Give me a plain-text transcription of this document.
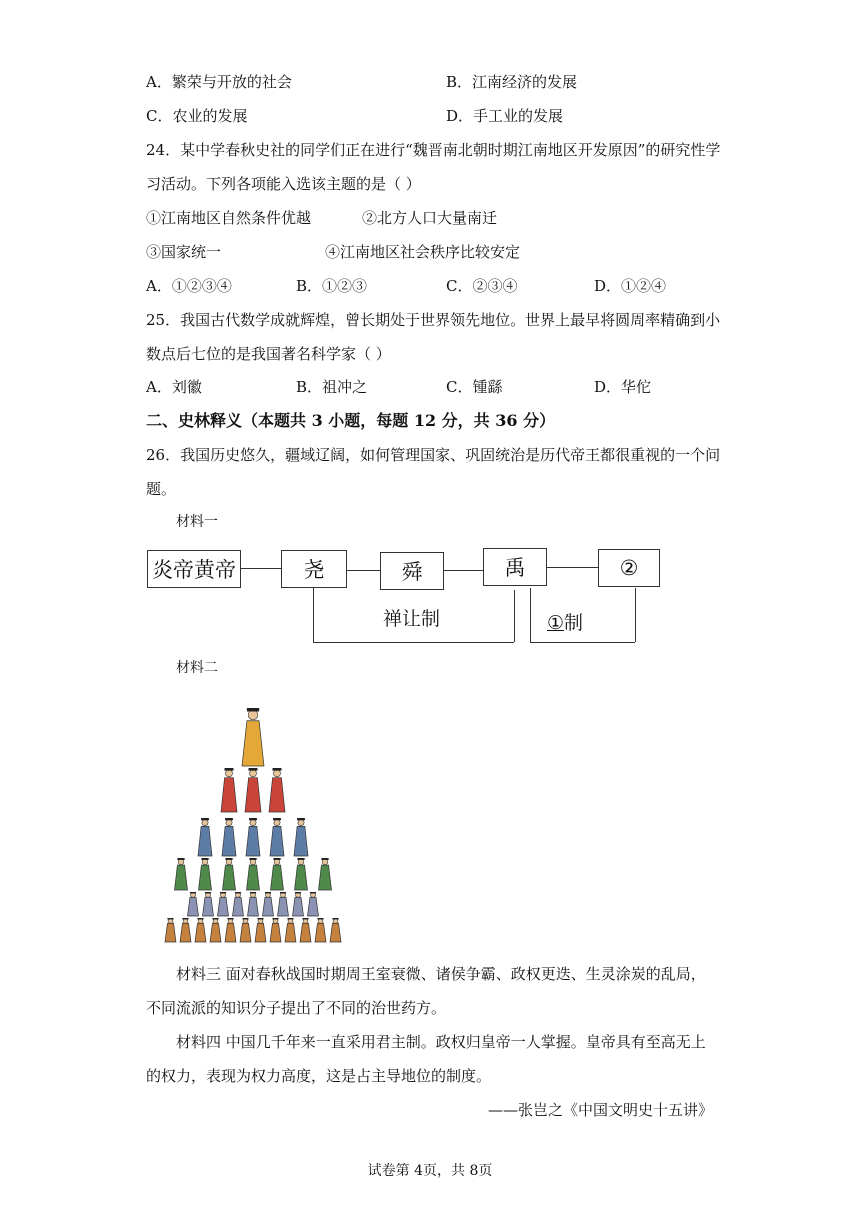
A．繁荣与开放的社会	B．江南经济的发展
C．农业的发展	D．手工业的发展
24．某中学春秋史社的同学们正在进行“魏晋南北朝时期江南地区开发原因”的研究性学
习活动。下列各项能入选该主题的是（ ）
①江南地区自然条件优越	②北方人口大量南迁
③国家统一	④江南地区社会秩序比较安定
A．①②③④	B．①②③	C．②③④	D．①②④
25．我国古代数学成就辉煌，曾长期处于世界领先地位。世界上最早将圆周率精确到小
数点后七位的是我国著名科学家（ ）
A．刘徽	B．祖冲之	C．锺繇	D．华佗
二、史林释义（本题共 3 小题，每题 12 分，共 36 分）
26．我国历史悠久，疆域辽阔，如何管理国家、巩固统治是历代帝王都很重视的一个问
题。
材料一
炎帝黄帝	尧	舜	禹	②
禅让制	①制
材料二
材料三 面对春秋战国时期周王室衰微、诸侯争霸、政权更迭、生灵涂炭的乱局，
不同流派的知识分子提出了不同的治世药方。
材料四 中国几千年来一直采用君主制。政权归皇帝一人掌握。皇帝具有至高无上
的权力，表现为权力高度，这是占主导地位的制度。
——张岂之《中国文明史十五讲》
试卷第 4页，共 8页
